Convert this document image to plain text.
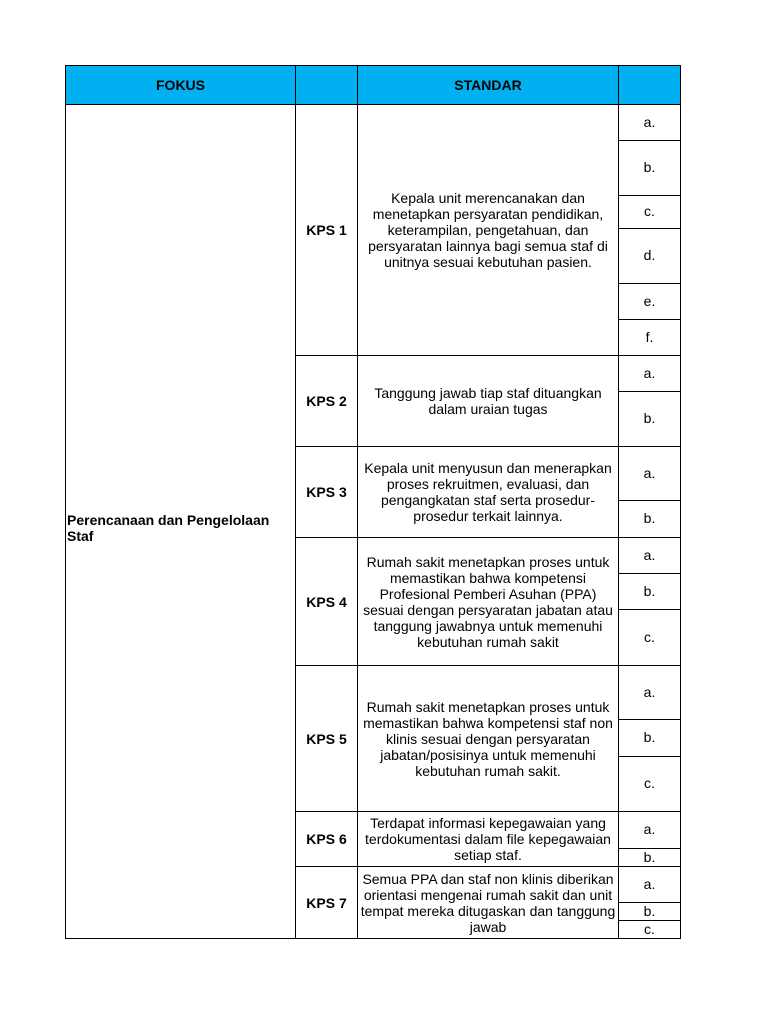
FOKUS		STANDAR	
Perencanaan dan Pengelolaan Staf	KPS 1	Kepala unit merencanakan dan menetapkan persyaratan pendidikan, keterampilan, pengetahuan, dan persyaratan lainnya bagi semua staf di unitnya sesuai kebutuhan pasien.	a.
			b.
			c.
			d.
			e.
			f.
	KPS 2	Tanggung jawab tiap staf dituangkan dalam uraian tugas	a.
			b.
	KPS 3	Kepala unit menyusun dan menerapkan proses rekruitmen, evaluasi, dan pengangkatan staf serta prosedur-prosedur terkait lainnya.	a.
			b.
	KPS 4	Rumah sakit menetapkan proses untuk memastikan bahwa kompetensi Profesional Pemberi Asuhan (PPA) sesuai dengan persyaratan jabatan atau tanggung jawabnya untuk memenuhi kebutuhan rumah sakit	a.
			b.
			c.
	KPS 5	Rumah sakit menetapkan proses untuk memastikan bahwa kompetensi staf non klinis sesuai dengan persyaratan jabatan/posisinya untuk memenuhi kebutuhan rumah sakit.	a.
			b.
			c.
	KPS 6	Terdapat informasi kepegawaian yang terdokumentasi dalam file kepegawaian setiap staf.	a.
			b.
	KPS 7	Semua PPA dan staf non klinis diberikan orientasi mengenai rumah sakit dan unit tempat mereka ditugaskan dan tanggung jawab	a.
			b.
			c.
